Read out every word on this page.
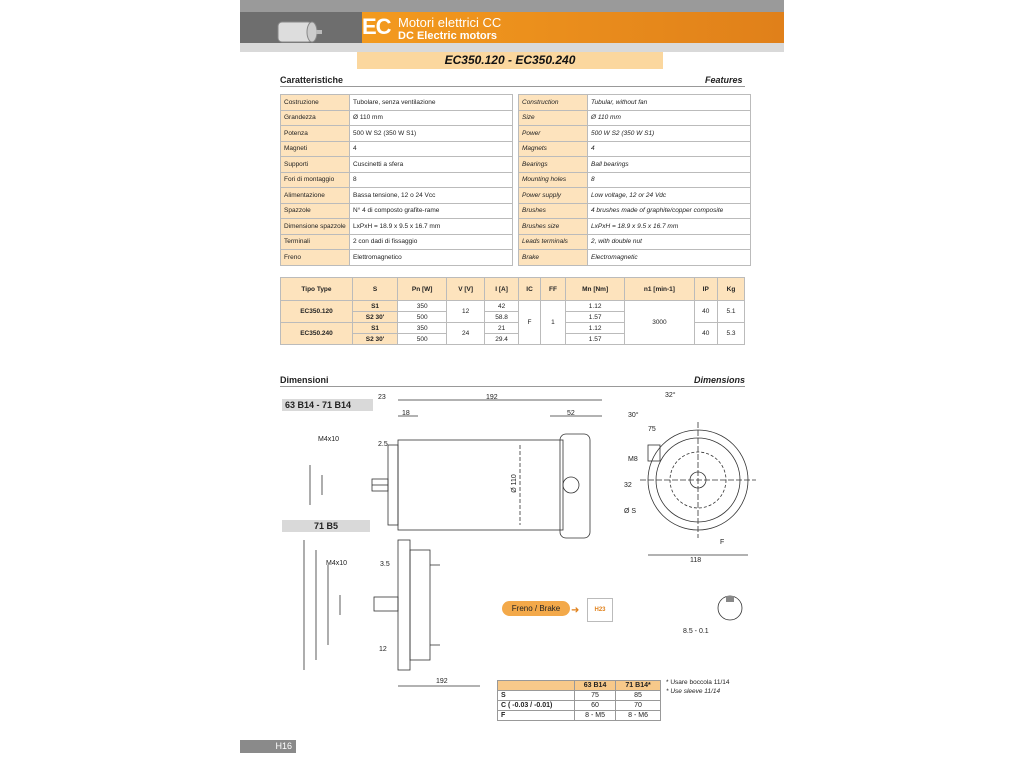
EC Motori elettrici CC
DC Electric motors
EC350.120 - EC350.240
Caratteristiche	Features
Costruzione	Tubolare, senza ventilazione
Grandezza	Ø 110 mm
Potenza	500 W S2 (350 W S1)
Magneti	4
Supporti	Cuscinetti a sfera
Fori di montaggio	8
Alimentazione	Bassa tensione, 12 o 24 Vcc
Spazzole	N° 4 di composto grafite-rame
Dimensione spazzole	LxPxH = 18.9 x 9.5 x 16.7 mm
Terminali	2 con dadi di fissaggio
Freno	Elettromagnetico
Construction	Tubular, without fan
Size	Ø 110 mm
Power	500 W S2 (350 W S1)
Magnets	4
Bearings	Ball bearings
Mounting holes	8
Power supply	Low voltage, 12 or 24 Vdc
Brushes	4 brushes made of graphite/copper composite
Brushes size	LxPxH = 18.9 x 9.5 x 16.7 mm
Leads terminals	2, with double nut
Brake	Electromagnetic
Tipo Type	S	Pn [W]	V [V]	I [A]	IC	FF	Mn [Nm]	n1 [min-1]	IP	Kg
EC350.120	S1	350	12	42	F	1	1.12	3000	40	5.1
	S2 30'	500		58.8			1.57			
EC350.240	S1	350	24	21			1.12		40	5.3
	S2 30'	500		29.4			1.57			
Dimensioni	Dimensions
63 B14 - 71 B14
71 B5
23	192
18	52
M4x10
2.5
Ø 110
M4x10	3.5
12
192
M8
Ø S
118
32°
30°
75
32
F
Freno / Brake	➜	H23
8.5 - 0.1
	63 B14	71 B14*
S	75	85
C ( -0.03 / -0.01)	60	70
F	8 - M5	8 - M6
* Usare boccola 11/14
* Use sleeve 11/14
H16
